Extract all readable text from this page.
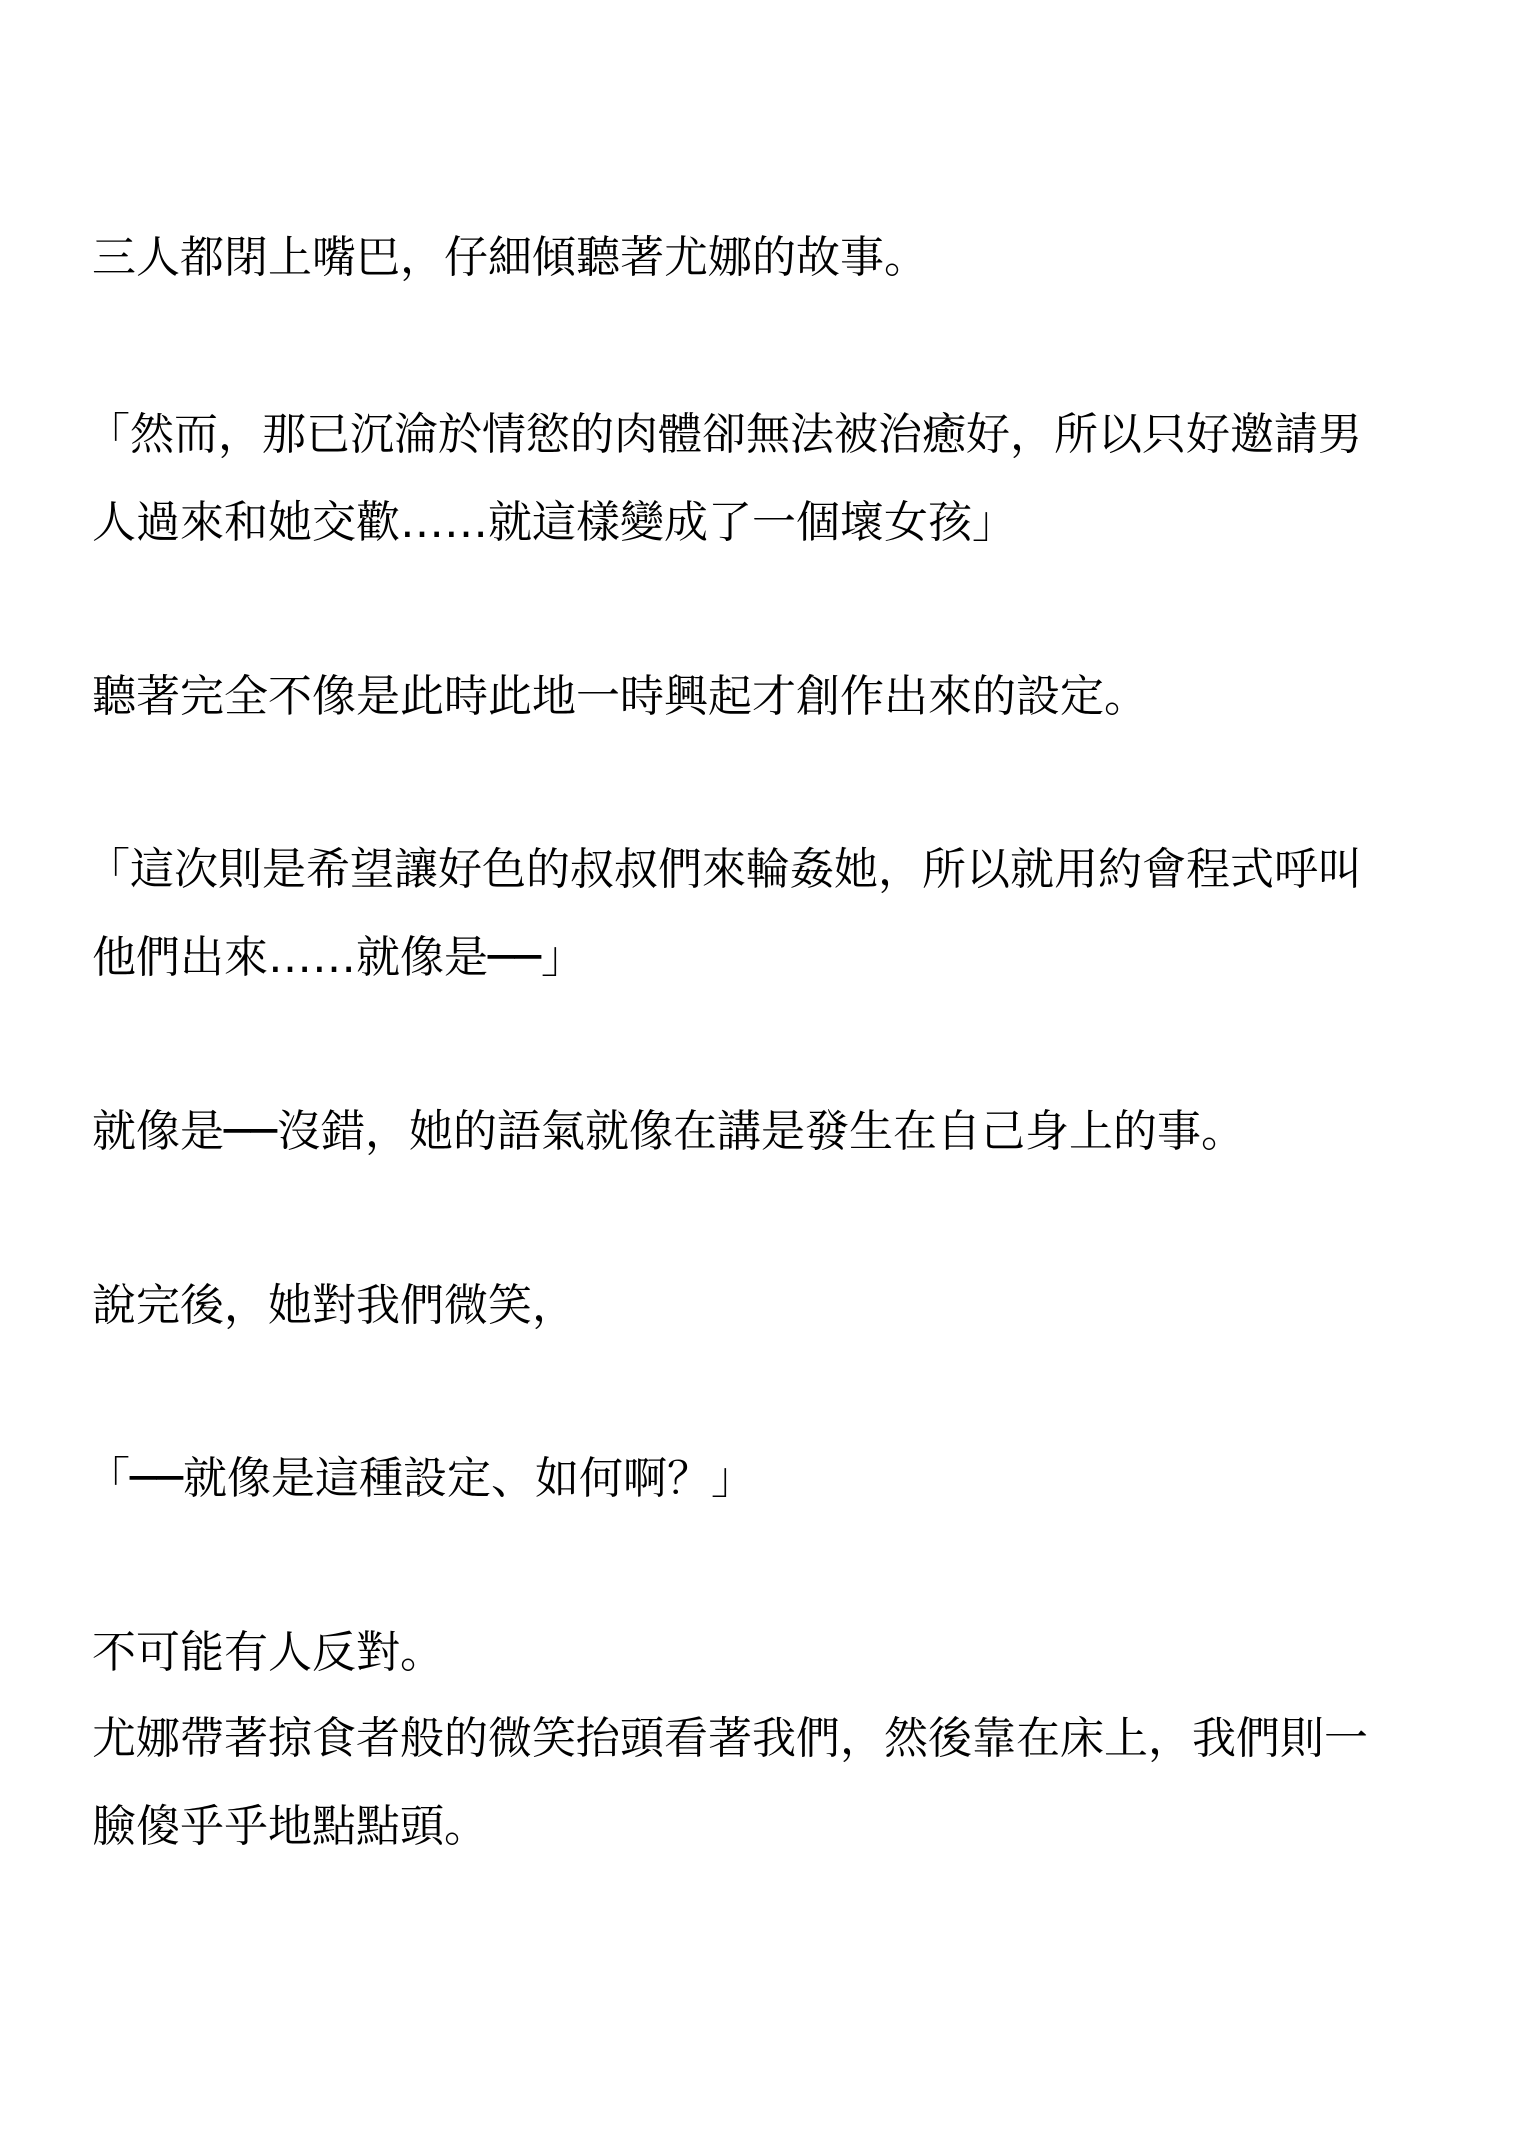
三人都閉上嘴巴，仔細傾聽著尤娜的故事。

「然而，那已沉淪於情慾的肉體卻無法被治癒好，所以只好邀請男

人過來和她交歡……就這樣變成了一個壞女孩」

聽著完全不像是此時此地一時興起才創作出來的設定。

「這次則是希望讓好色的叔叔們來輪姦她，所以就用約會程式呼叫

他們出來……就像是──」

就像是──沒錯，她的語氣就像在講是發生在自己身上的事。

說完後，她對我們微笑，

「──就像是這種設定、如何啊？」

不可能有人反對。

尤娜帶著掠食者般的微笑抬頭看著我們，然後靠在床上，我們則一

臉傻乎乎地點點頭。
